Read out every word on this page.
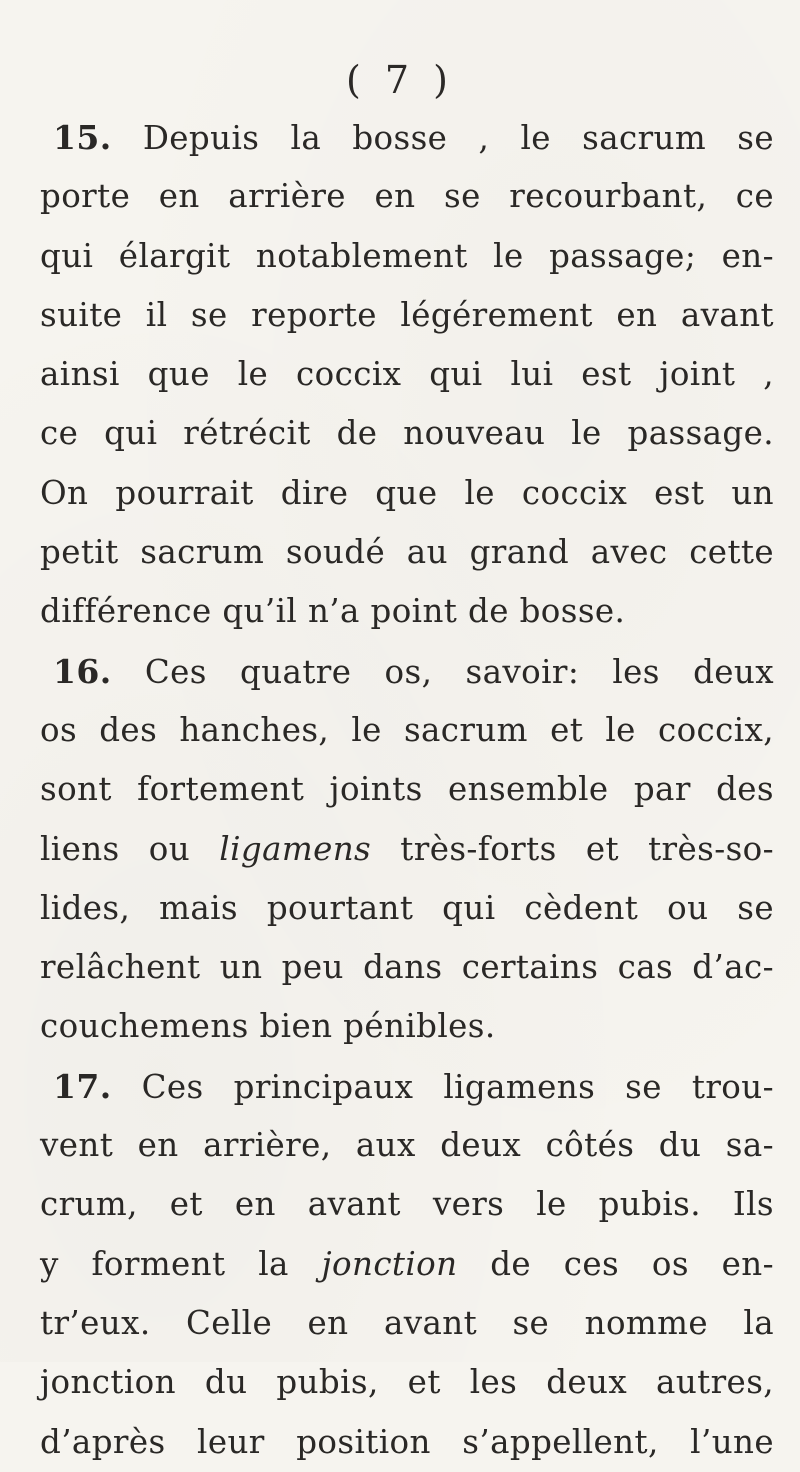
( 7 )
15. Depuis la bosse , le sacrum se
porte en arrière en se recourbant, ce
qui élargit notablement le passage; en-
suite il se reporte légérement en avant
ainsi que le coccix qui lui est joint ,
ce qui rétrécit de nouveau le passage.
On pourrait dire que le coccix est un
petit sacrum soudé au grand avec cette
différence qu’il n’a point de bosse.
16. Ces quatre os, savoir: les deux
os des hanches, le sacrum et le coccix,
sont fortement joints ensemble par des
liens ou ligamens très-forts et très-so-
lides, mais pourtant qui cèdent ou se
relâchent un peu dans certains cas d’ac-
couchemens bien pénibles.
17. Ces principaux ligamens se trou-
vent en arrière, aux deux côtés du sa-
crum, et en avant vers le pubis. Ils
y forment la jonction de ces os en-
tr’eux. Celle en avant se nomme la
jonction du pubis, et les deux autres,
d’après leur position s’appellent, l’une
